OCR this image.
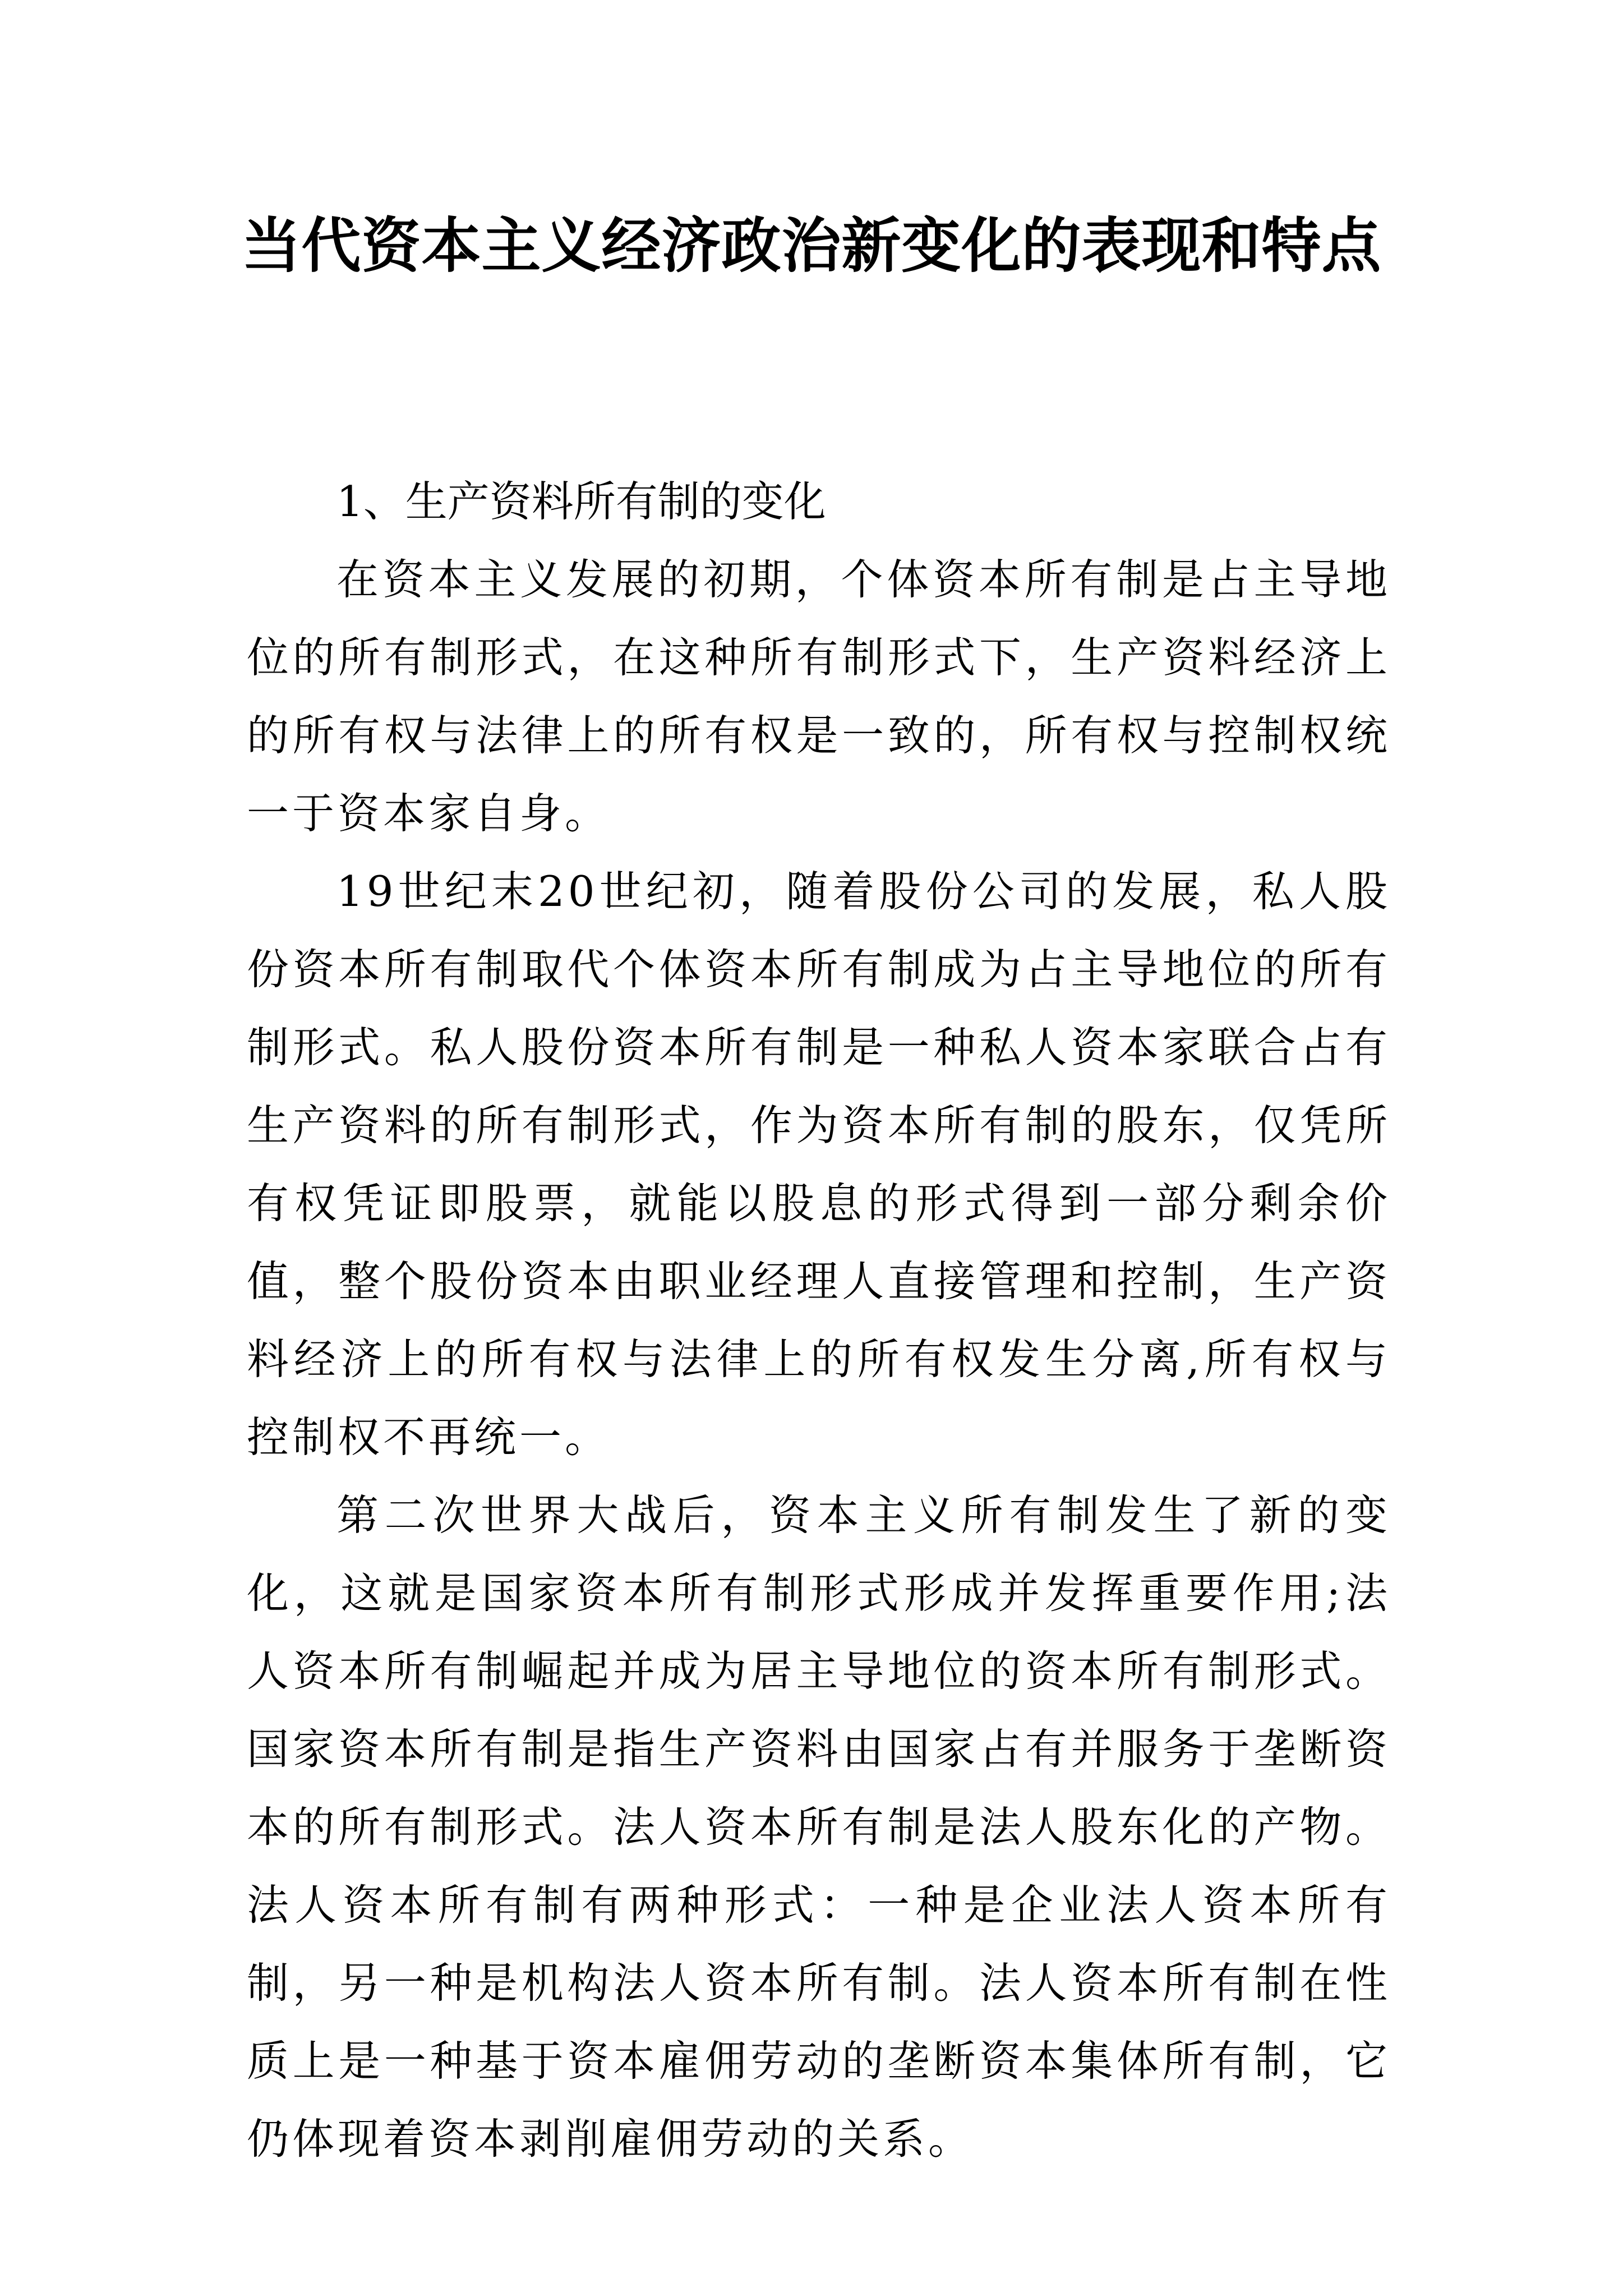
当代资本主义经济政治新变化的表现和特点

1、生产资料所有制的变化

在资本主义发展的初期，个体资本所有制是占主导地位的所有制形式，在这种所有制形式下，生产资料经济上的所有权与法律上的所有权是一致的，所有权与控制权统一于资本家自身。

19世纪末20世纪初，随着股份公司的发展，私人股份资本所有制取代个体资本所有制成为占主导地位的所有制形式。私人股份资本所有制是一种私人资本家联合占有生产资料的所有制形式，作为资本所有制的股东，仅凭所有权凭证即股票，就能以股息的形式得到一部分剩余价值，整个股份资本由职业经理人直接管理和控制，生产资料经济上的所有权与法律上的所有权发生分离,所有权与控制权不再统一。

第二次世界大战后，资本主义所有制发生了新的变化，这就是国家资本所有制形式形成并发挥重要作用;法人资本所有制崛起并成为居主导地位的资本所有制形式。国家资本所有制是指生产资料由国家占有并服务于垄断资本的所有制形式。法人资本所有制是法人股东化的产物。法人资本所有制有两种形式：一种是企业法人资本所有制，另一种是机构法人资本所有制。法人资本所有制在性质上是一种基于资本雇佣劳动的垄断资本集体所有制，它仍体现着资本剥削雇佣劳动的关系。
